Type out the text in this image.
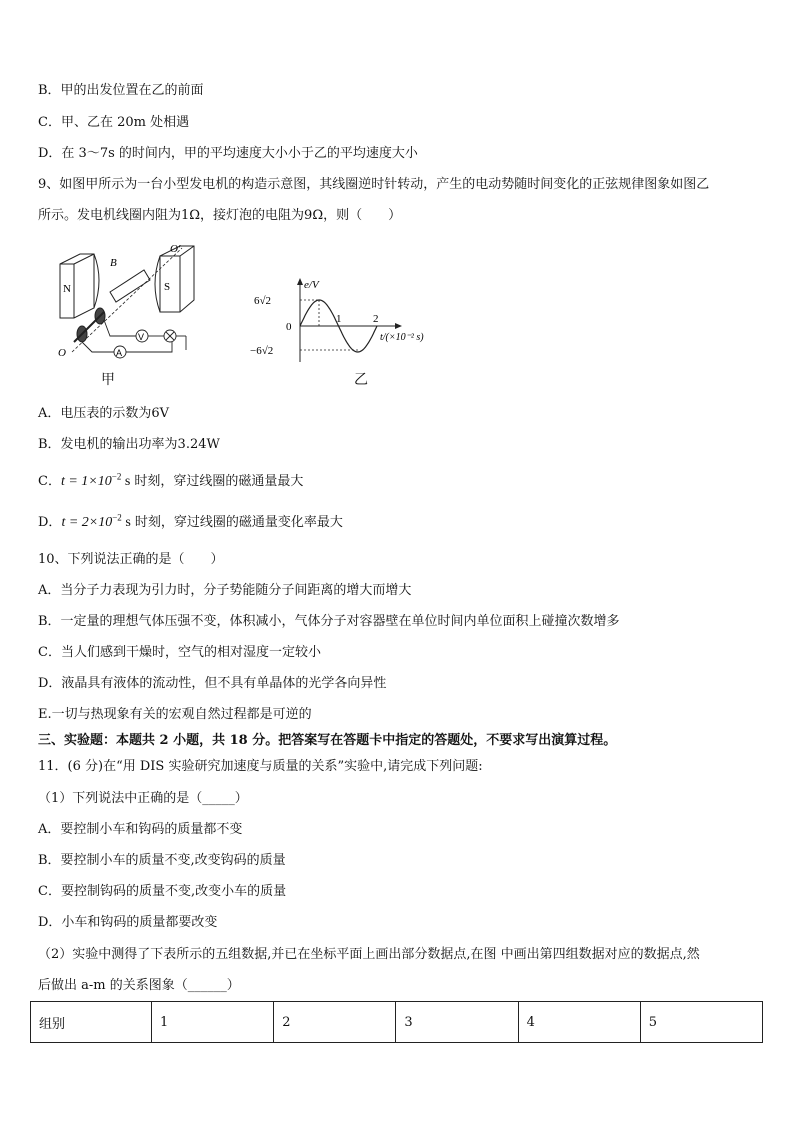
B．甲的出发位置在乙的前面
C．甲、乙在 20m 处相遇
D．在 3～7s 的时间内，甲的平均速度大小小于乙的平均速度大小
9、如图甲所示为一台小型发电机的构造示意图，其线圈逆时针转动，产生的电动势随时间变化的正弦规律图象如图乙
所示。发电机线圈内阻为1Ω，接灯泡的电阻为9Ω，则（　　）
N	S
B
O′
O
V
A
甲
e/V
6√2
0
−6√2
1	2
t/(×10⁻² s)
乙
A．电压表的示数为6V
B．发电机的输出功率为3.24W
C．$t = 1\times 10^{-2}$ s 时刻，穿过线圈的磁通量最大
D．$t = 2\times 10^{-2}$ s 时刻，穿过线圈的磁通量变化率最大
10、下列说法正确的是（　　）
A．当分子力表现为引力时，分子势能随分子间距离的增大而增大
B．一定量的理想气体压强不变，体积减小，气体分子对容器壁在单位时间内单位面积上碰撞次数增多
C．当人们感到干燥时，空气的相对湿度一定较小
D．液晶具有液体的流动性，但不具有单晶体的光学各向异性
E.一切与热现象有关的宏观自然过程都是可逆的
三、实验题：本题共 2 小题，共 18 分。把答案写在答题卡中指定的答题处，不要求写出演算过程。
11．(6 分)在“用 DIS 实验研究加速度与质量的关系”实验中,请完成下列问题:
（1）下列说法中正确的是（_____）
A．要控制小车和钩码的质量都不变
B．要控制小车的质量不变,改变钩码的质量
C．要控制钩码的质量不变,改变小车的质量
D．小车和钩码的质量都要改变
（2）实验中测得了下表所示的五组数据,并已在坐标平面上画出部分数据点,在图 中画出第四组数据对应的数据点,然
后做出 a-m 的关系图象（______）
组别	1	2	3	4	5
